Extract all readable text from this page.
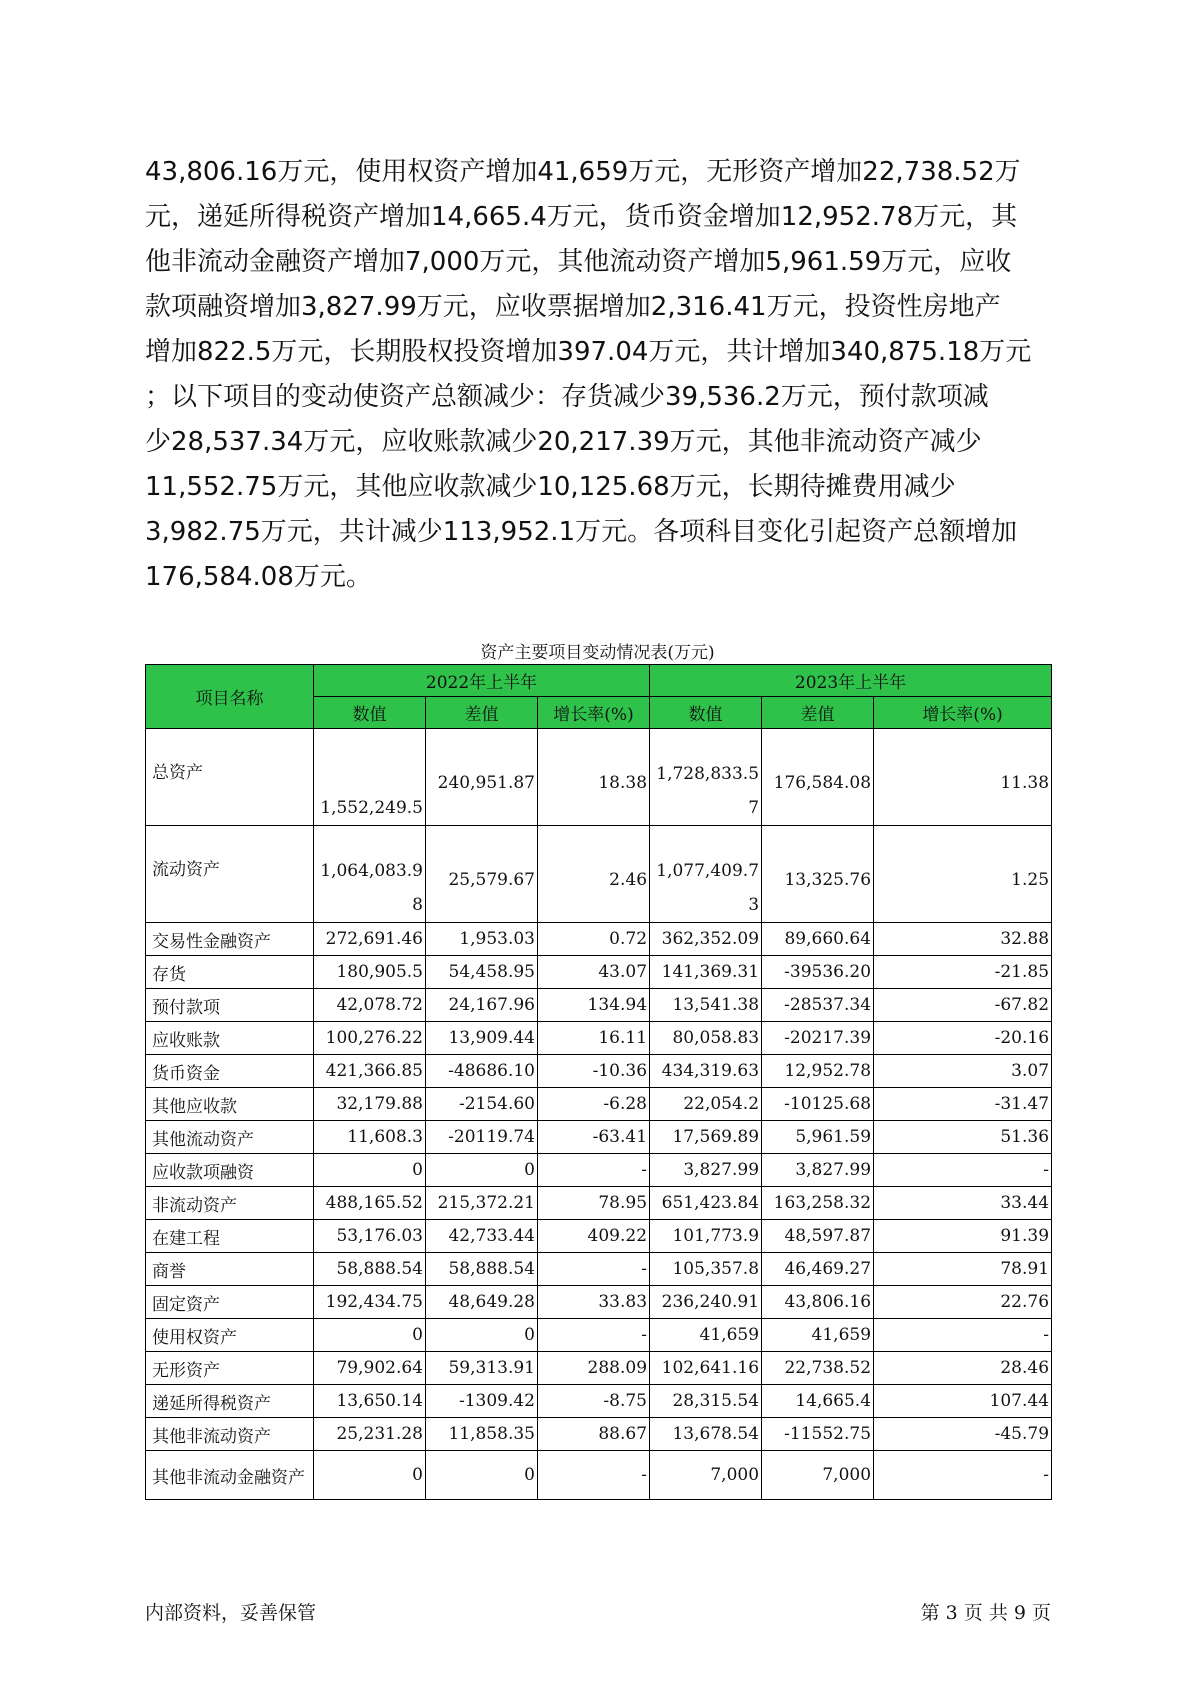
43,806.16万元，使用权资产增加41,659万元，无形资产增加22,738.52万

元，递延所得税资产增加14,665.4万元，货币资金增加12,952.78万元，其

他非流动金融资产增加7,000万元，其他流动资产增加5,961.59万元，应收

款项融资增加3,827.99万元，应收票据增加2,316.41万元，投资性房地产

增加822.5万元，长期股权投资增加397.04万元，共计增加340,875.18万元

；以下项目的变动使资产总额减少：存货减少39,536.2万元，预付款项减

少28,537.34万元，应收账款减少20,217.39万元，其他非流动资产减少

11,552.75万元，其他应收款减少10,125.68万元，长期待摊费用减少

3,982.75万元，共计减少113,952.1万元。各项科目变化引起资产总额增加

176,584.08万元。

资产主要项目变动情况表(万元)
项目名称	2022年上半年			2023年上半年		
	数值	差值	增长率(%)	数值	差值	增长率(%)
总资产	1,552,249.5	240,951.87	18.38	1,728,833.57	176,584.08	11.38
流动资产	1,064,083.98	25,579.67	2.46	1,077,409.73	13,325.76	1.25
交易性金融资产	272,691.46	1,953.03	0.72	362,352.09	89,660.64	32.88
存货	180,905.5	54,458.95	43.07	141,369.31	-39536.20	-21.85
预付款项	42,078.72	24,167.96	134.94	13,541.38	-28537.34	-67.82
应收账款	100,276.22	13,909.44	16.11	80,058.83	-20217.39	-20.16
货币资金	421,366.85	-48686.10	-10.36	434,319.63	12,952.78	3.07
其他应收款	32,179.88	-2154.60	-6.28	22,054.2	-10125.68	-31.47
其他流动资产	11,608.3	-20119.74	-63.41	17,569.89	5,961.59	51.36
应收款项融资	0	0	-	3,827.99	3,827.99	-
非流动资产	488,165.52	215,372.21	78.95	651,423.84	163,258.32	33.44
在建工程	53,176.03	42,733.44	409.22	101,773.9	48,597.87	91.39
商誉	58,888.54	58,888.54	-	105,357.8	46,469.27	78.91
固定资产	192,434.75	48,649.28	33.83	236,240.91	43,806.16	22.76
使用权资产	0	0	-	41,659	41,659	-
无形资产	79,902.64	59,313.91	288.09	102,641.16	22,738.52	28.46
递延所得税资产	13,650.14	-1309.42	-8.75	28,315.54	14,665.4	107.44
其他非流动资产	25,231.28	11,858.35	88.67	13,678.54	-11552.75	-45.79
其他非流动金融资产	0	0	-	7,000	7,000	-
内部资料，妥善保管	第 3 页 共 9 页
